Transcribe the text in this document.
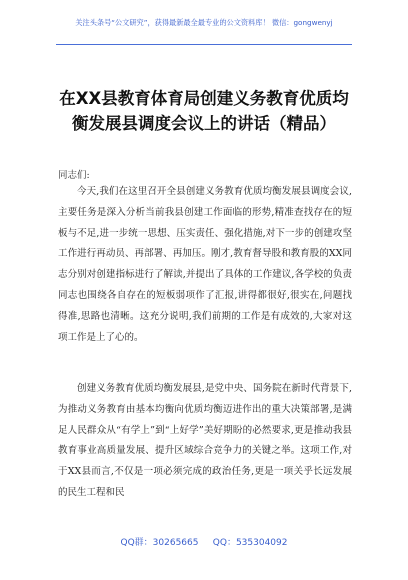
关注头条号“公文研究”，获得最新最全最专业的公文资料库！ 微信：gongwenyj
在XX县教育体育局创建义务教育优质均衡发展县调度会议上的讲话（精品）
同志们:
今天,我们在这里召开全县创建义务教育优质均衡发展县调度会议,主要任务是深入分析当前我县创建工作面临的形势,精准查找存在的短板与不足,进一步统一思想、压实责任、强化措施,对下一步的创建攻坚工作进行再动员、再部署、再加压。刚才,教育督导股和教育股的XX同志分别对创建指标进行了解读,并提出了具体的工作建议,各学校的负责同志也围绕各自存在的短板弱项作了汇报,讲得都很好,很实在,问题找得准,思路也清晰。这充分说明,我们前期的工作是有成效的,大家对这项工作是上了心的。
创建义务教育优质均衡发展县,是党中央、国务院在新时代背景下,为推动义务教育由基本均衡向优质均衡迈进作出的重大决策部署,是满足人民群众从“有学上”到“上好学”美好期盼的必然要求,更是推动我县教育事业高质量发展、提升区域综合竞争力的关键之举。这项工作,对于XX县而言,不仅是一项必须完成的政治任务,更是一项关乎长远发展的民生工程和民
QQ群：30265665     QQ：535304092
